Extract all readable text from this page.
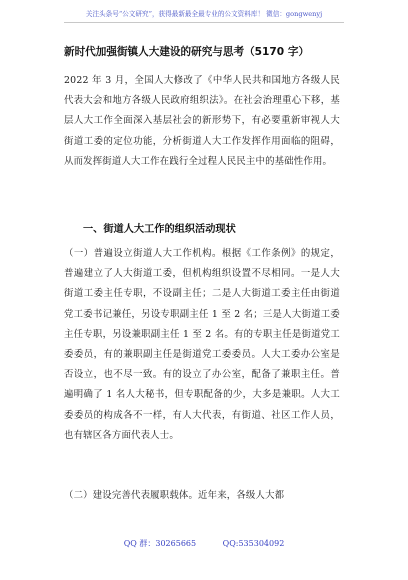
关注头条号“公文研究”，获得最新最全最专业的公文资料库！ 微信：gongwenyj
新时代加强街镇人大建设的研究与思考（5170 字）
2022 年 3 月，全国人大修改了《中华人民共和国地方各级人民代表大会和地方各级人民政府组织法》。在社会治理重心下移，基层人大工作全面深入基层社会的新形势下，有必要重新审视人大街道工委的定位功能，分析街道人大工作发挥作用面临的阻碍，从而发挥街道人大工作在践行全过程人民民主中的基础性作用。
一、街道人大工作的组织活动现状
（一）普遍设立街道人大工作机构。根据《工作条例》的规定，普遍建立了人大街道工委，但机构组织设置不尽相同。一是人大街道工委主任专职，不设副主任；二是人大街道工委主任由街道党工委书记兼任，另设专职副主任 1 至 2 名；三是人大街道工委主任专职，另设兼职副主任 1 至 2 名。有的专职主任是街道党工委委员，有的兼职副主任是街道党工委委员。人大工委办公室是否设立，也不尽一致。有的设立了办公室，配备了兼职主任。普遍明确了 1 名人大秘书，但专职配备的少，大多是兼职。人大工委委员的构成各不一样，有人大代表，有街道、社区工作人员，也有辖区各方面代表人士。
（二）建设完善代表履职载体。近年来，各级人大都
QQ 群：30265665	QQ:535304092
